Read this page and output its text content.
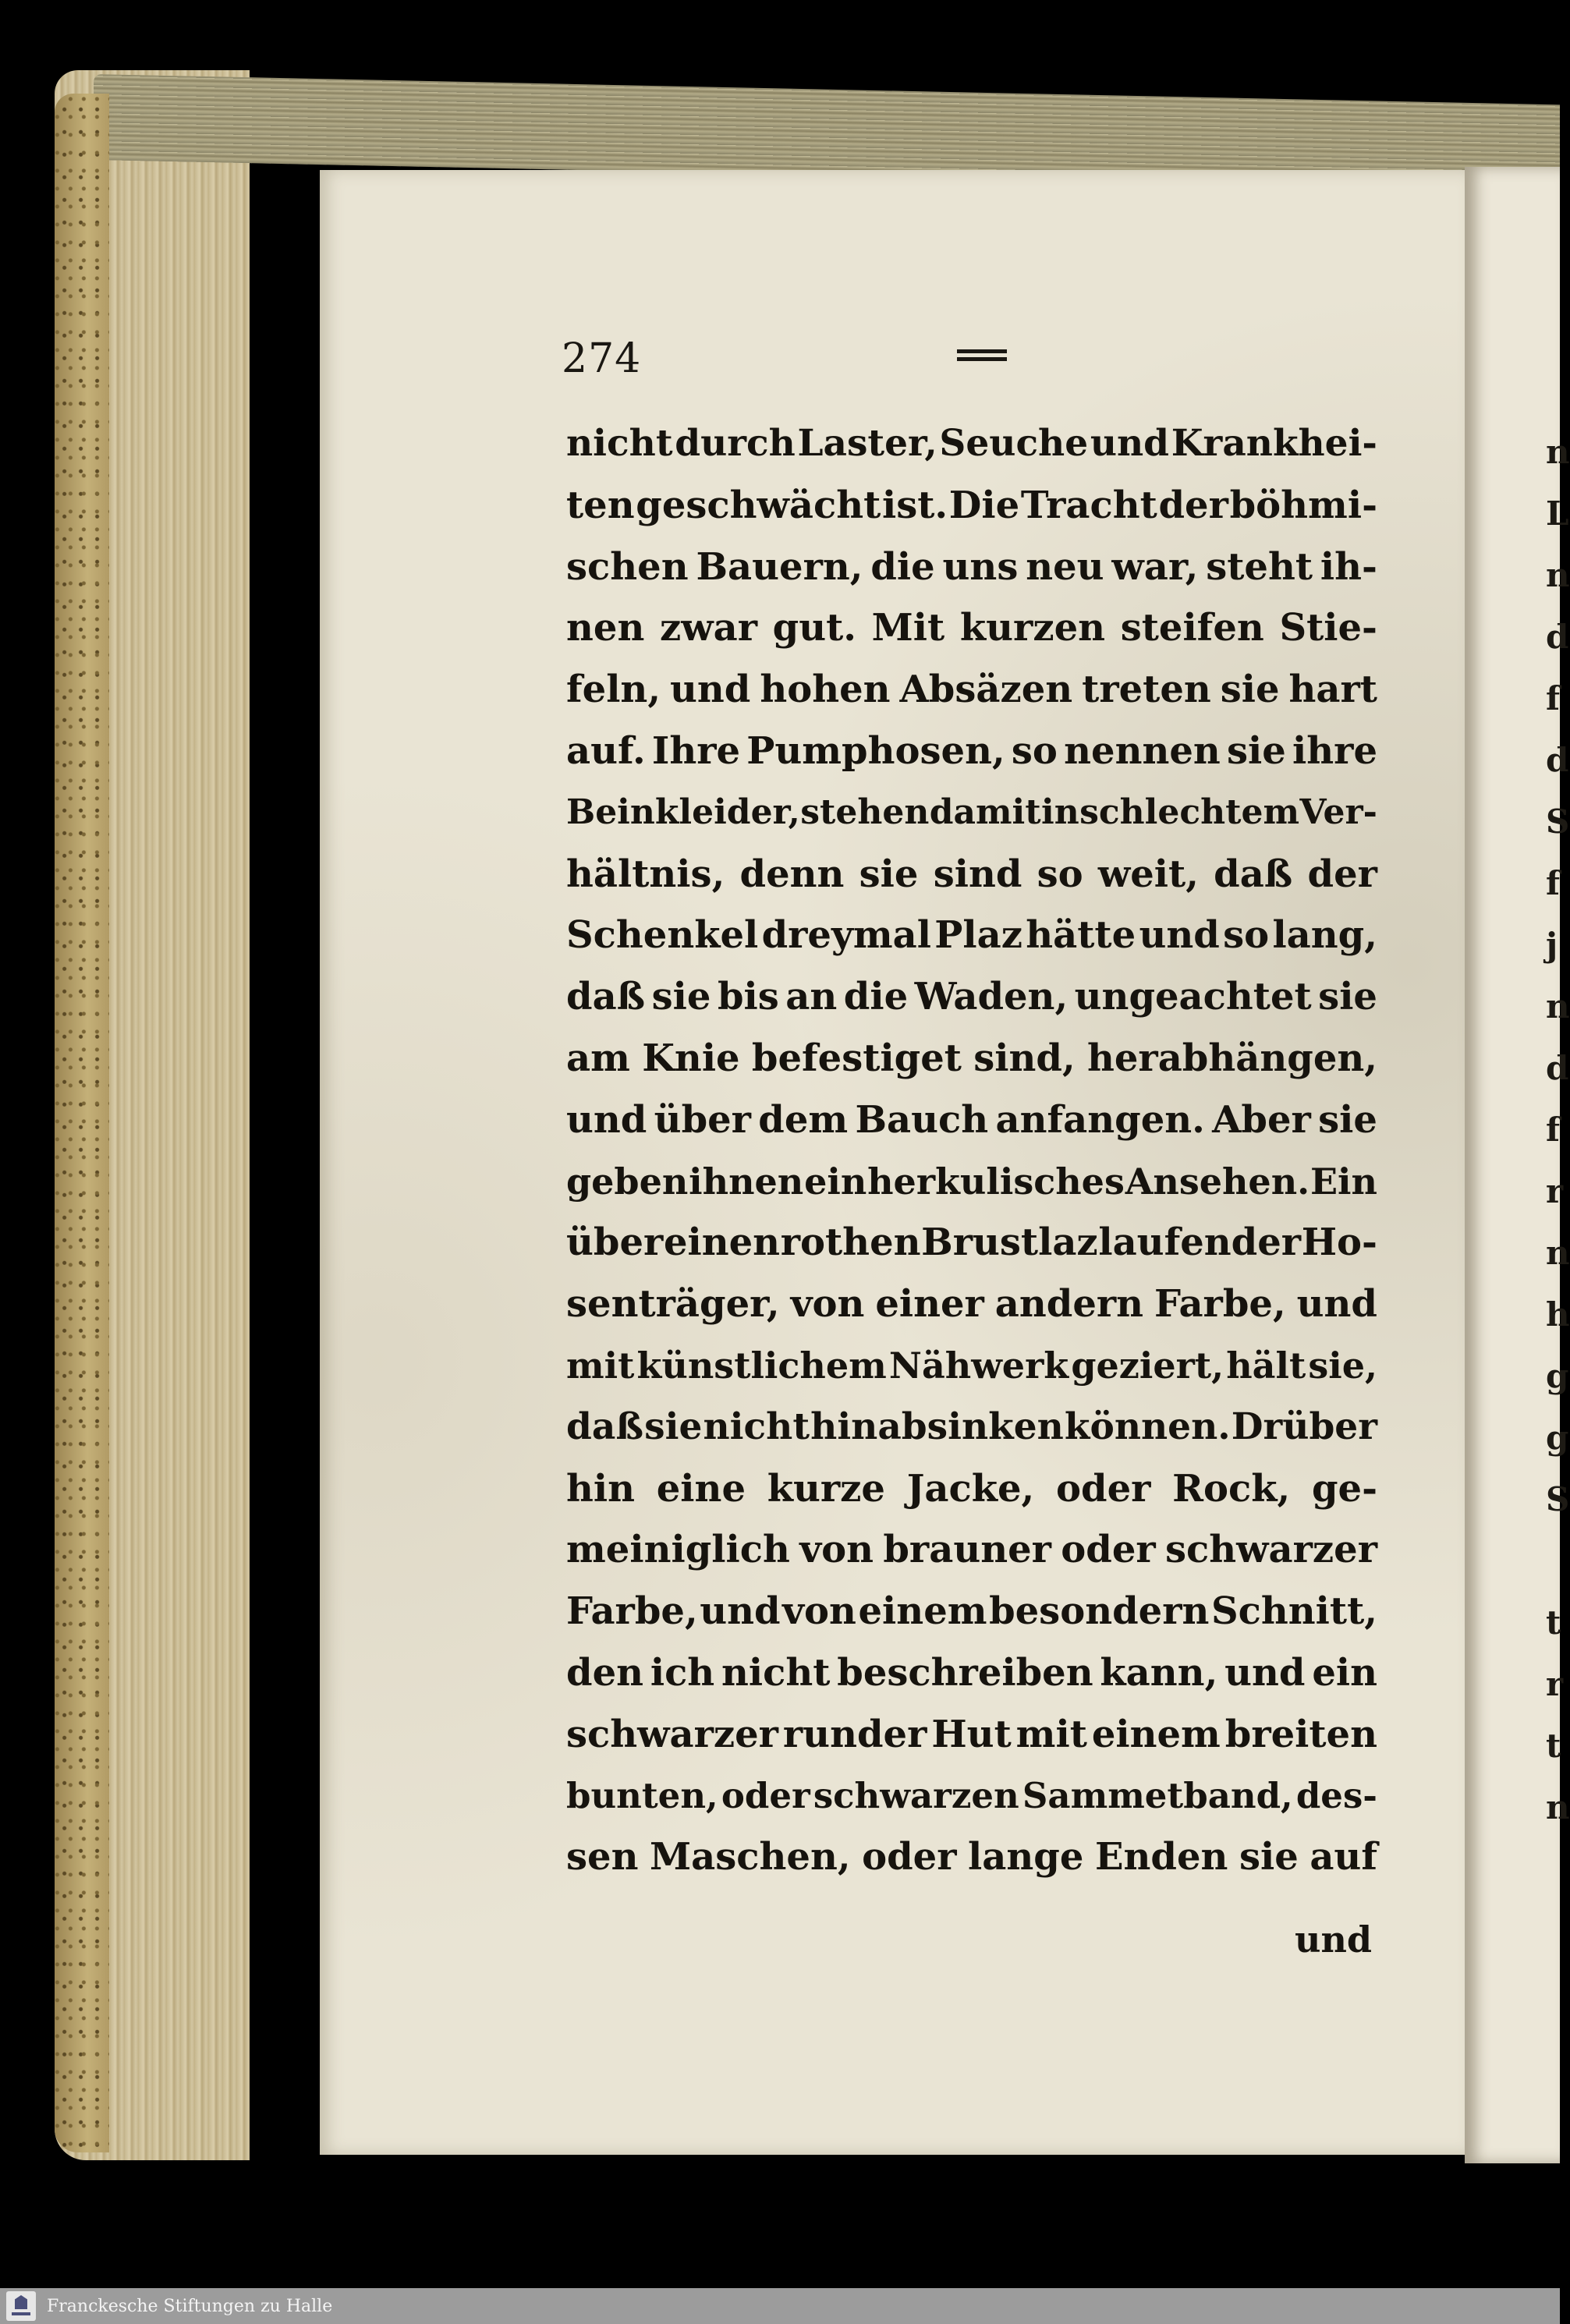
274
nicht durch Laster, Seuche und Krankhei-
ten geschwächt ist. Die Tracht der böhmi-
schen Bauern, die uns neu war, steht ih-
nen zwar gut. Mit kurzen steifen Stie-
feln, und hohen Absäzen treten sie hart
auf. Ihre Pumphosen, so nennen sie ihre
Beinkleider, stehen damit in schlechtem Ver-
hältnis, denn sie sind so weit, daß der
Schenkel dreymal Plaz hätte und so lang,
daß sie bis an die Waden, ungeachtet sie
am Knie befestiget sind, herabhängen,
und über dem Bauch anfangen. Aber sie
geben ihnen ein herkulisches Ansehen. Ein
über einen rothen Brustlaz laufender Ho-
senträger, von einer andern Farbe, und
mit künstlichem Nähwerk geziert, hält sie,
daß sie nicht hinabsinken können. Drüber
hin eine kurze Jacke, oder Rock, ge-
meiniglich von brauner oder schwarzer
Farbe, und von einem besondern Schnitt,
den ich nicht beschreiben kann, und ein
schwarzer runder Hut mit einem breiten
bunten, oder schwarzen Sammetband, des-
sen Maschen, oder lange Enden sie auf
und
n
L
n
d
f
d
S
f
j
n
d
f
r
n
h
g
g
S
t
r
t
n
Franckesche Stiftungen zu Halle
